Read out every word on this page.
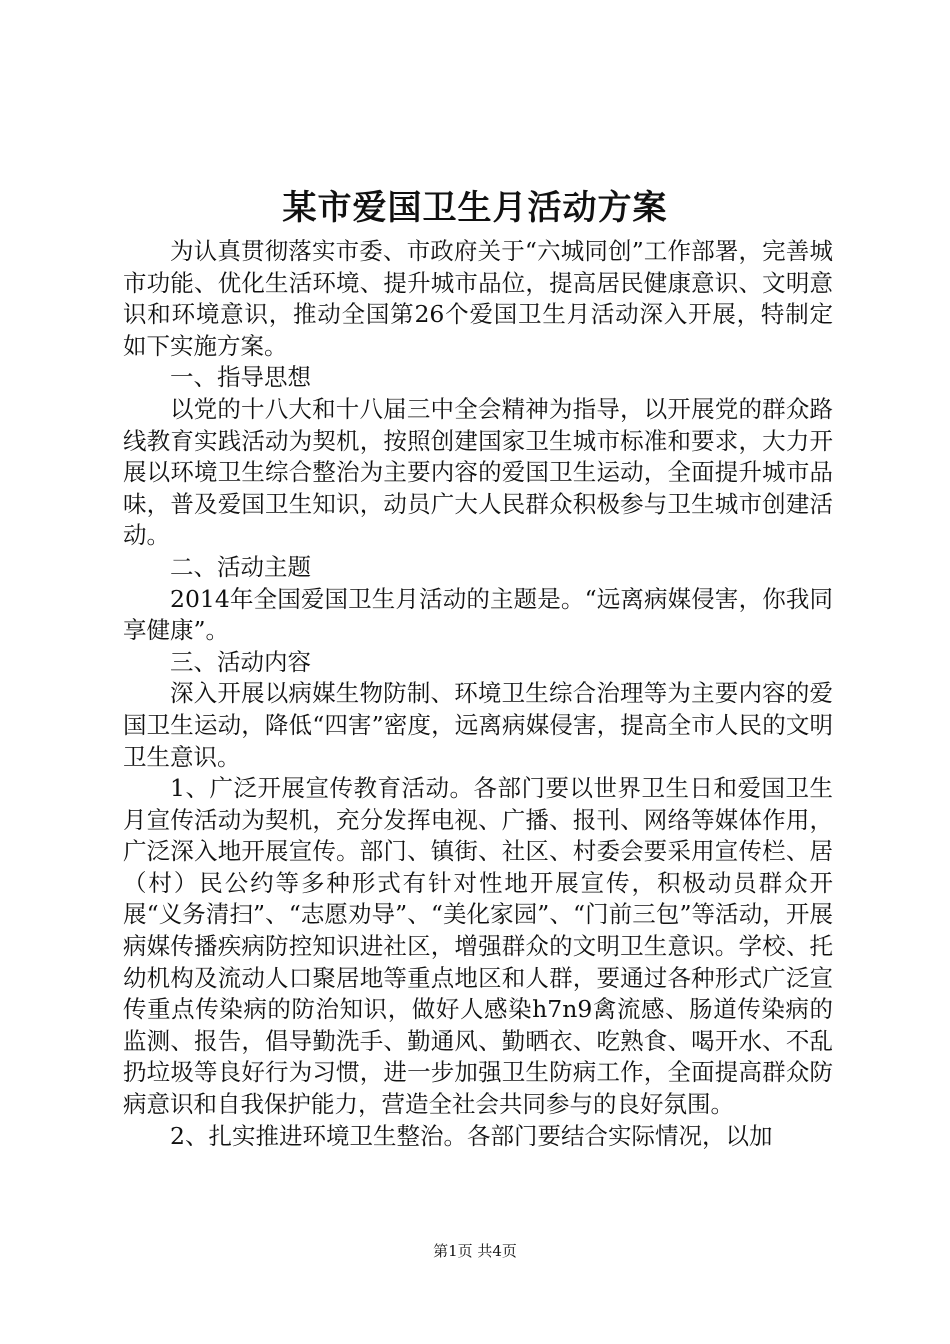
某市爱国卫生月活动方案

为认真贯彻落实市委、市政府关于“六城同创”工作部署，完善城市功能、优化生活环境、提升城市品位，提高居民健康意识、文明意识和环境意识，推动全国第26个爱国卫生月活动深入开展，特制定如下实施方案。

一、指导思想

以党的十八大和十八届三中全会精神为指导，以开展党的群众路线教育实践活动为契机，按照创建国家卫生城市标准和要求，大力开展以环境卫生综合整治为主要内容的爱国卫生运动，全面提升城市品味，普及爱国卫生知识，动员广大人民群众积极参与卫生城市创建活动。

二、活动主题

2014年全国爱国卫生月活动的主题是。“远离病媒侵害，你我同享健康”。

三、活动内容

深入开展以病媒生物防制、环境卫生综合治理等为主要内容的爱国卫生运动，降低“四害”密度，远离病媒侵害，提高全市人民的文明卫生意识。

1、广泛开展宣传教育活动。各部门要以世界卫生日和爱国卫生月宣传活动为契机，充分发挥电视、广播、报刊、网络等媒体作用，广泛深入地开展宣传。部门、镇街、社区、村委会要采用宣传栏、居（村）民公约等多种形式有针对性地开展宣传，积极动员群众开展“义务清扫”、“志愿劝导”、“美化家园”、“门前三包”等活动，开展病媒传播疾病防控知识进社区，增强群众的文明卫生意识。学校、托幼机构及流动人口聚居地等重点地区和人群，要通过各种形式广泛宣传重点传染病的防治知识，做好人感染h7n9禽流感、肠道传染病的监测、报告，倡导勤洗手、勤通风、勤晒衣、吃熟食、喝开水、不乱扔垃圾等良好行为习惯，进一步加强卫生防病工作，全面提高群众防病意识和自我保护能力，营造全社会共同参与的良好氛围。

2、扎实推进环境卫生整治。各部门要结合实际情况，以加

第1页 共4页
